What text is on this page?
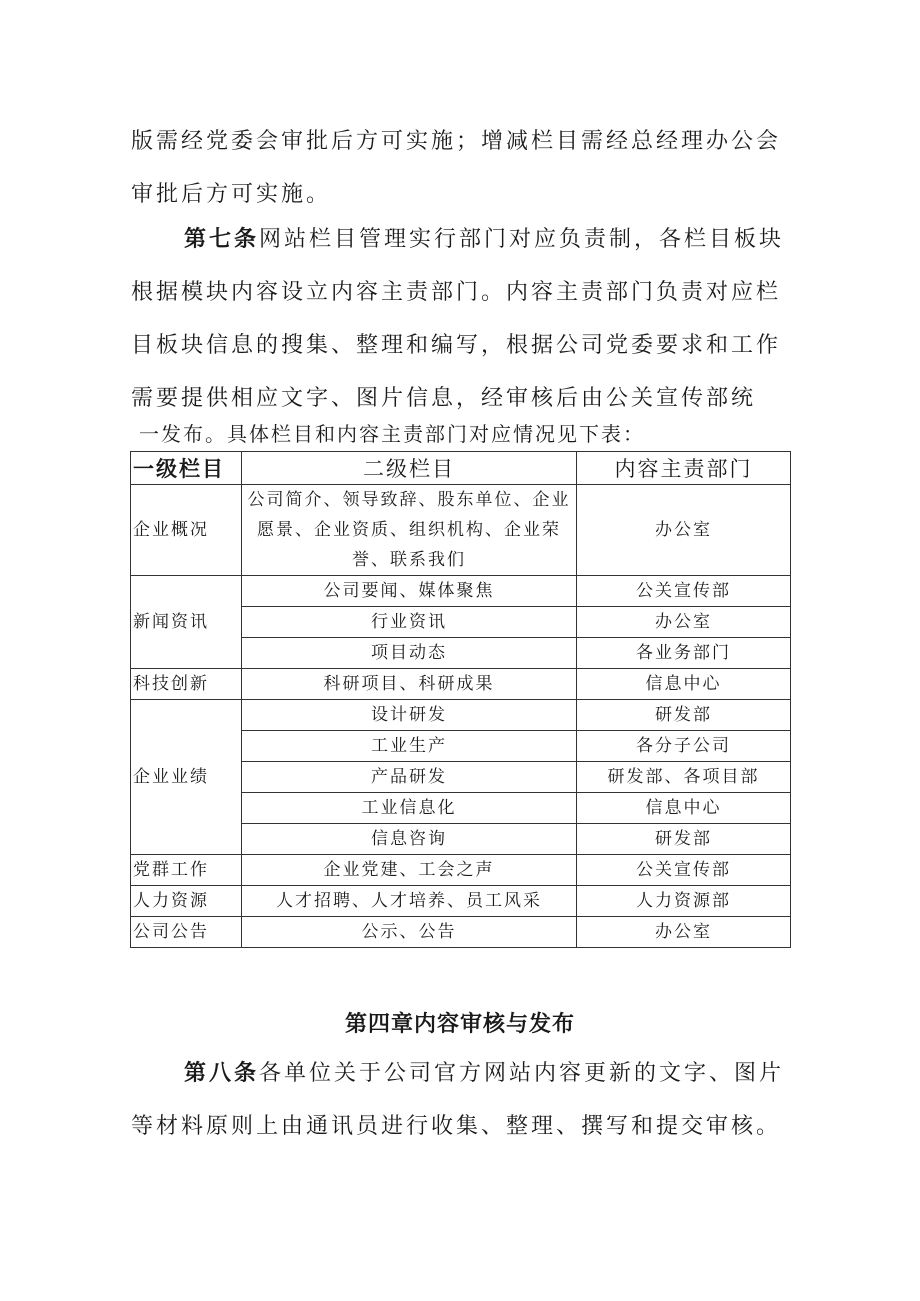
版需经党委会审批后方可实施；增减栏目需经总经理办公会审批后方可实施。

第七条网站栏目管理实行部门对应负责制，各栏目板块根据模块内容设立内容主责部门。内容主责部门负责对应栏目板块信息的搜集、整理和编写，根据公司党委要求和工作需要提供相应文字、图片信息，经审核后由公关宣传部统

一发布。具体栏目和内容主责部门对应情况见下表：
一级栏目	二级栏目	内容主责部门
企业概况	公司简介、领导致辞、股东单位、企业愿景、企业资质、组织机构、企业荣誉、联系我们	办公室
新闻资讯	公司要闻、媒体聚焦	公关宣传部
	行业资讯	办公室
	项目动态	各业务部门
科技创新	科研项目、科研成果	信息中心
企业业绩	设计研发	研发部
	工业生产	各分子公司
	产品研发	研发部、各项目部
	工业信息化	信息中心
	信息咨询	研发部
党群工作	企业党建、工会之声	公关宣传部
人力资源	人才招聘、人才培养、员工风采	人力资源部
公司公告	公示、公告	办公室
第四章内容审核与发布

第八条各单位关于公司官方网站内容更新的文字、图片等材料原则上由通讯员进行收集、整理、撰写和提交审核。
